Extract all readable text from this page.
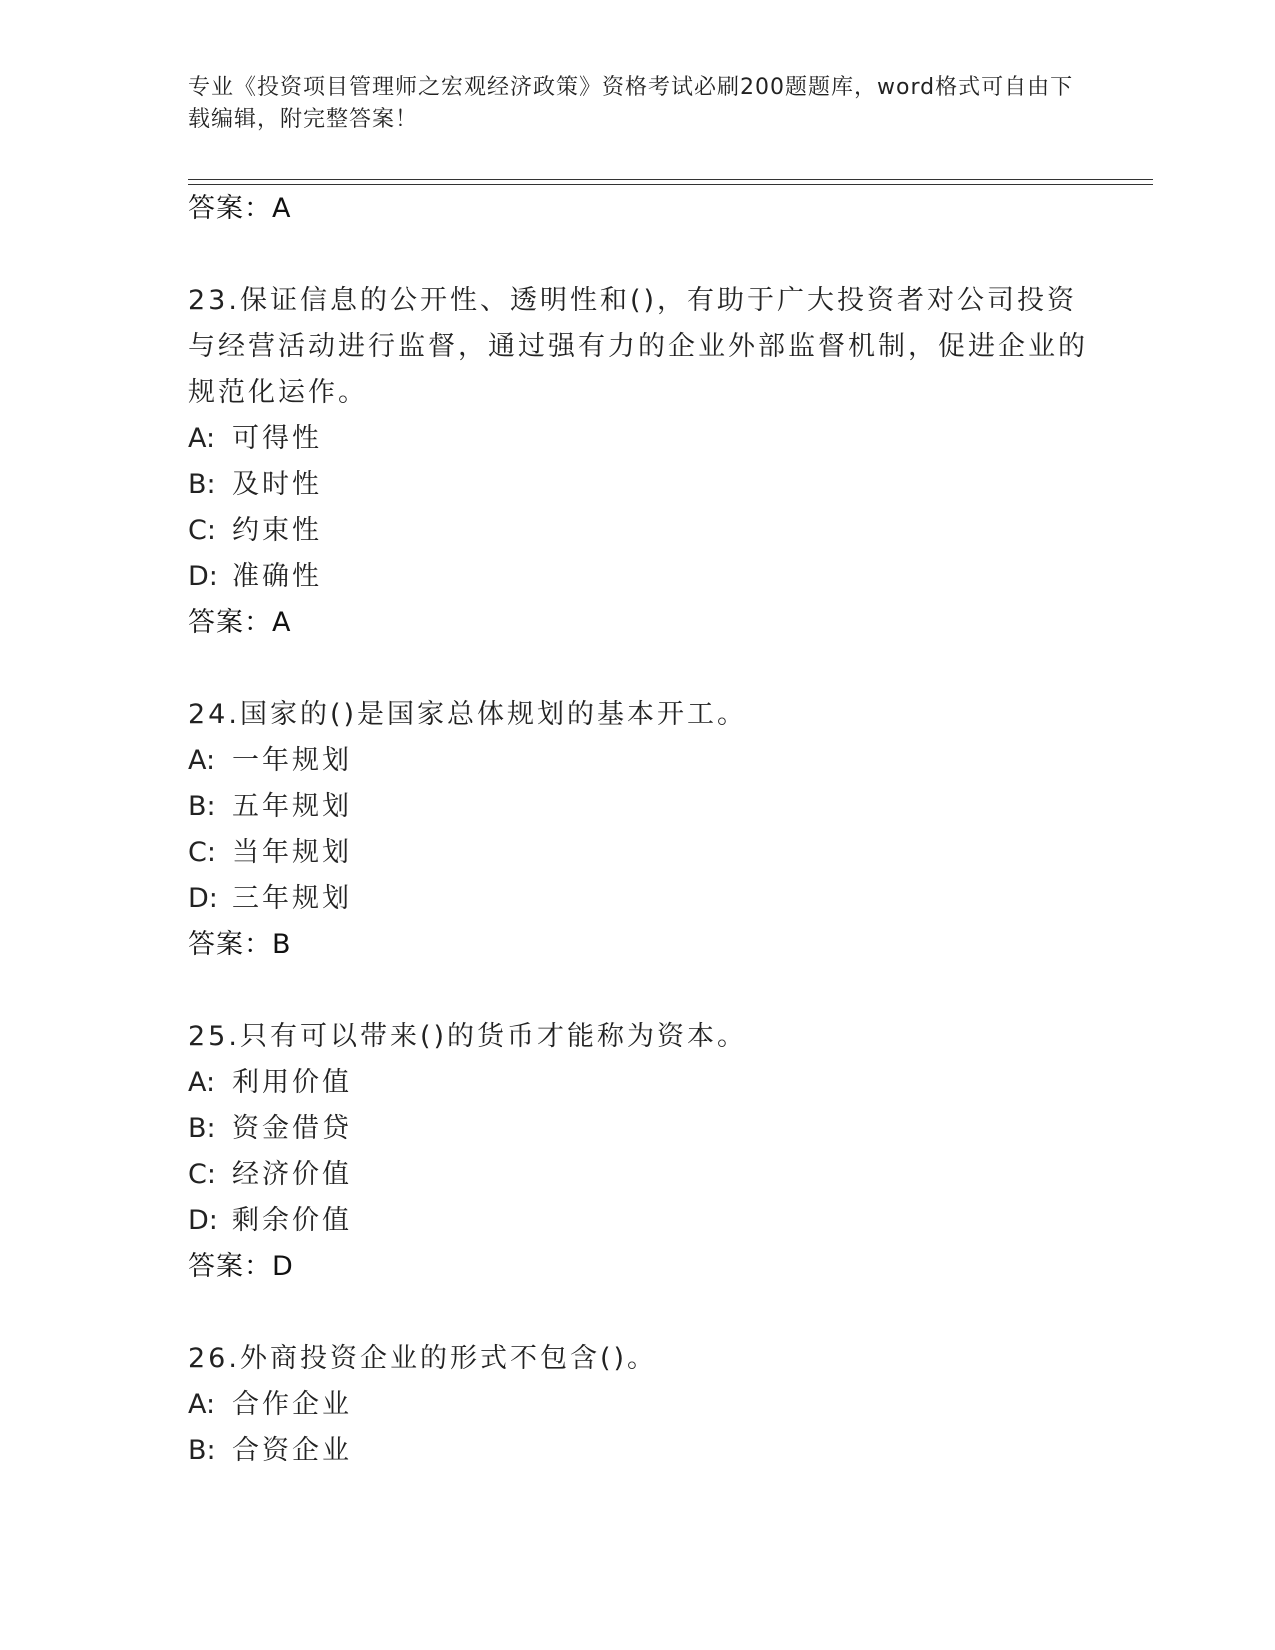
专业《投资项目管理师之宏观经济政策》资格考试必刷200题题库，word格式可自由下载编辑，附完整答案！
答案：A
23.保证信息的公开性、透明性和()，有助于广大投资者对公司投资与经营活动进行监督，通过强有力的企业外部监督机制，促进企业的规范化运作。
A: 可得性
B: 及时性
C: 约束性
D: 准确性
答案：A
24.国家的()是国家总体规划的基本开工。
A: 一年规划
B: 五年规划
C: 当年规划
D: 三年规划
答案：B
25.只有可以带来()的货币才能称为资本。
A: 利用价值
B: 资金借贷
C: 经济价值
D: 剩余价值
答案：D
26.外商投资企业的形式不包含()。
A: 合作企业
B: 合资企业
